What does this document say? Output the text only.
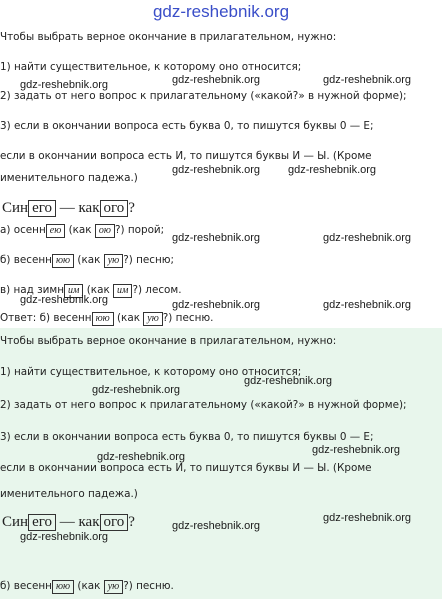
gdz-reshebnik.org
Чтобы выбрать верное окончание в прилагательном, нужно:
1) найти существительное, к которому оно относится;
2) задать от него вопрос к прилагательному («какой?» в нужной форме);
3) если в окончании вопроса есть буква 0, то пишутся буквы 0 — Е;
если в окончании вопроса есть И, то пишутся буквы И — Ы. (Кроме
именительного падежа.)
Син его — как ого ?
а) осенн ею (как ою ?) порой;
б) весенн юю (как ую ?) песню;
в) над зимн им (как им ?) лесом.
Ответ: б) весенн юю (как ую ?) песню.
Чтобы выбрать верное окончание в прилагательном, нужно:
1) найти существительное, к которому оно относится;
2) задать от него вопрос к прилагательному («какой?» в нужной форме);
3) если в окончании вопроса есть буква 0, то пишутся буквы 0 — Е;
если в окончании вопроса есть И, то пишутся буквы И — Ы. (Кроме
именительного падежа.)
Син его — как ого ?
б) весенн юю (как ую ?) песню.
gdz-reshebnik.org	gdz-reshebnik.org	gdz-reshebnik.org
gdz-reshebnik.org	gdz-reshebnik.org
gdz-reshebnik.org	gdz-reshebnik.org
gdz-reshebnik.org	gdz-reshebnik.org	gdz-reshebnik.org
gdz-reshebnik.org
gdz-reshebnik.org
gdz-reshebnik.org
gdz-reshebnik.org
gdz-reshebnik.org
gdz-reshebnik.org
gdz-reshebnik.org
